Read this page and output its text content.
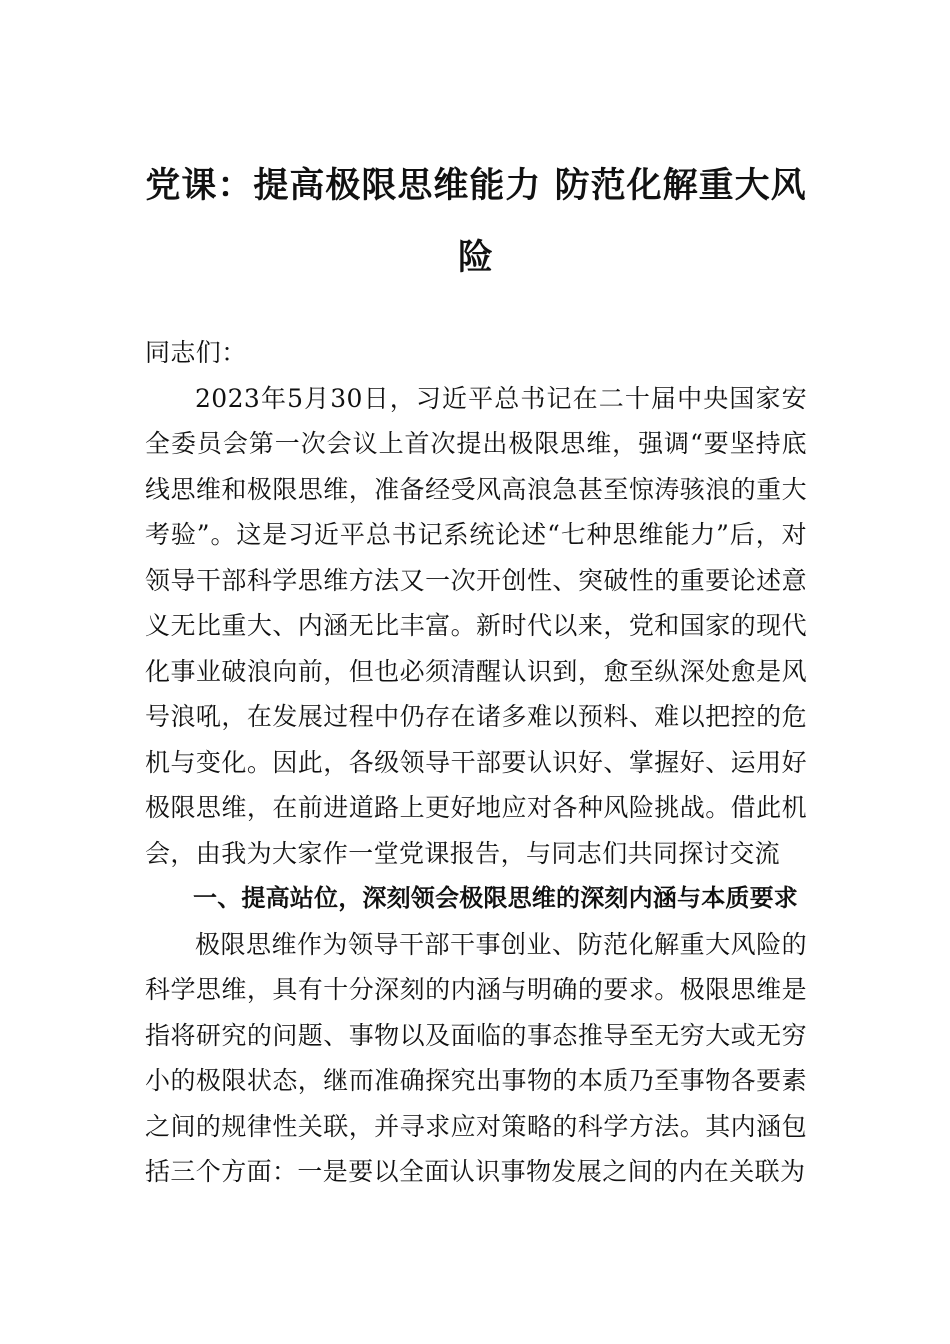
党课：提高极限思维能力 防范化解重大风险

同志们：

2023年5月30日，习近平总书记在二十届中央国家安全委员会第一次会议上首次提出极限思维，强调“要坚持底线思维和极限思维，准备经受风高浪急甚至惊涛骇浪的重大考验”。这是习近平总书记系统论述“七种思维能力”后，对领导干部科学思维方法又一次开创性、突破性的重要论述意义无比重大、内涵无比丰富。新时代以来，党和国家的现代化事业破浪向前，但也必须清醒认识到，愈至纵深处愈是风号浪吼，在发展过程中仍存在诸多难以预料、难以把控的危机与变化。因此，各级领导干部要认识好、掌握好、运用好极限思维，在前进道路上更好地应对各种风险挑战。借此机会，由我为大家作一堂党课报告，与同志们共同探讨交流

一、提高站位，深刻领会极限思维的深刻内涵与本质要求

极限思维作为领导干部干事创业、防范化解重大风险的科学思维，具有十分深刻的内涵与明确的要求。极限思维是指将研究的问题、事物以及面临的事态推导至无穷大或无穷小的极限状态，继而准确探究出事物的本质乃至事物各要素之间的规律性关联，并寻求应对策略的科学方法。其内涵包括三个方面：一是要以全面认识事物发展之间的内在关联为
